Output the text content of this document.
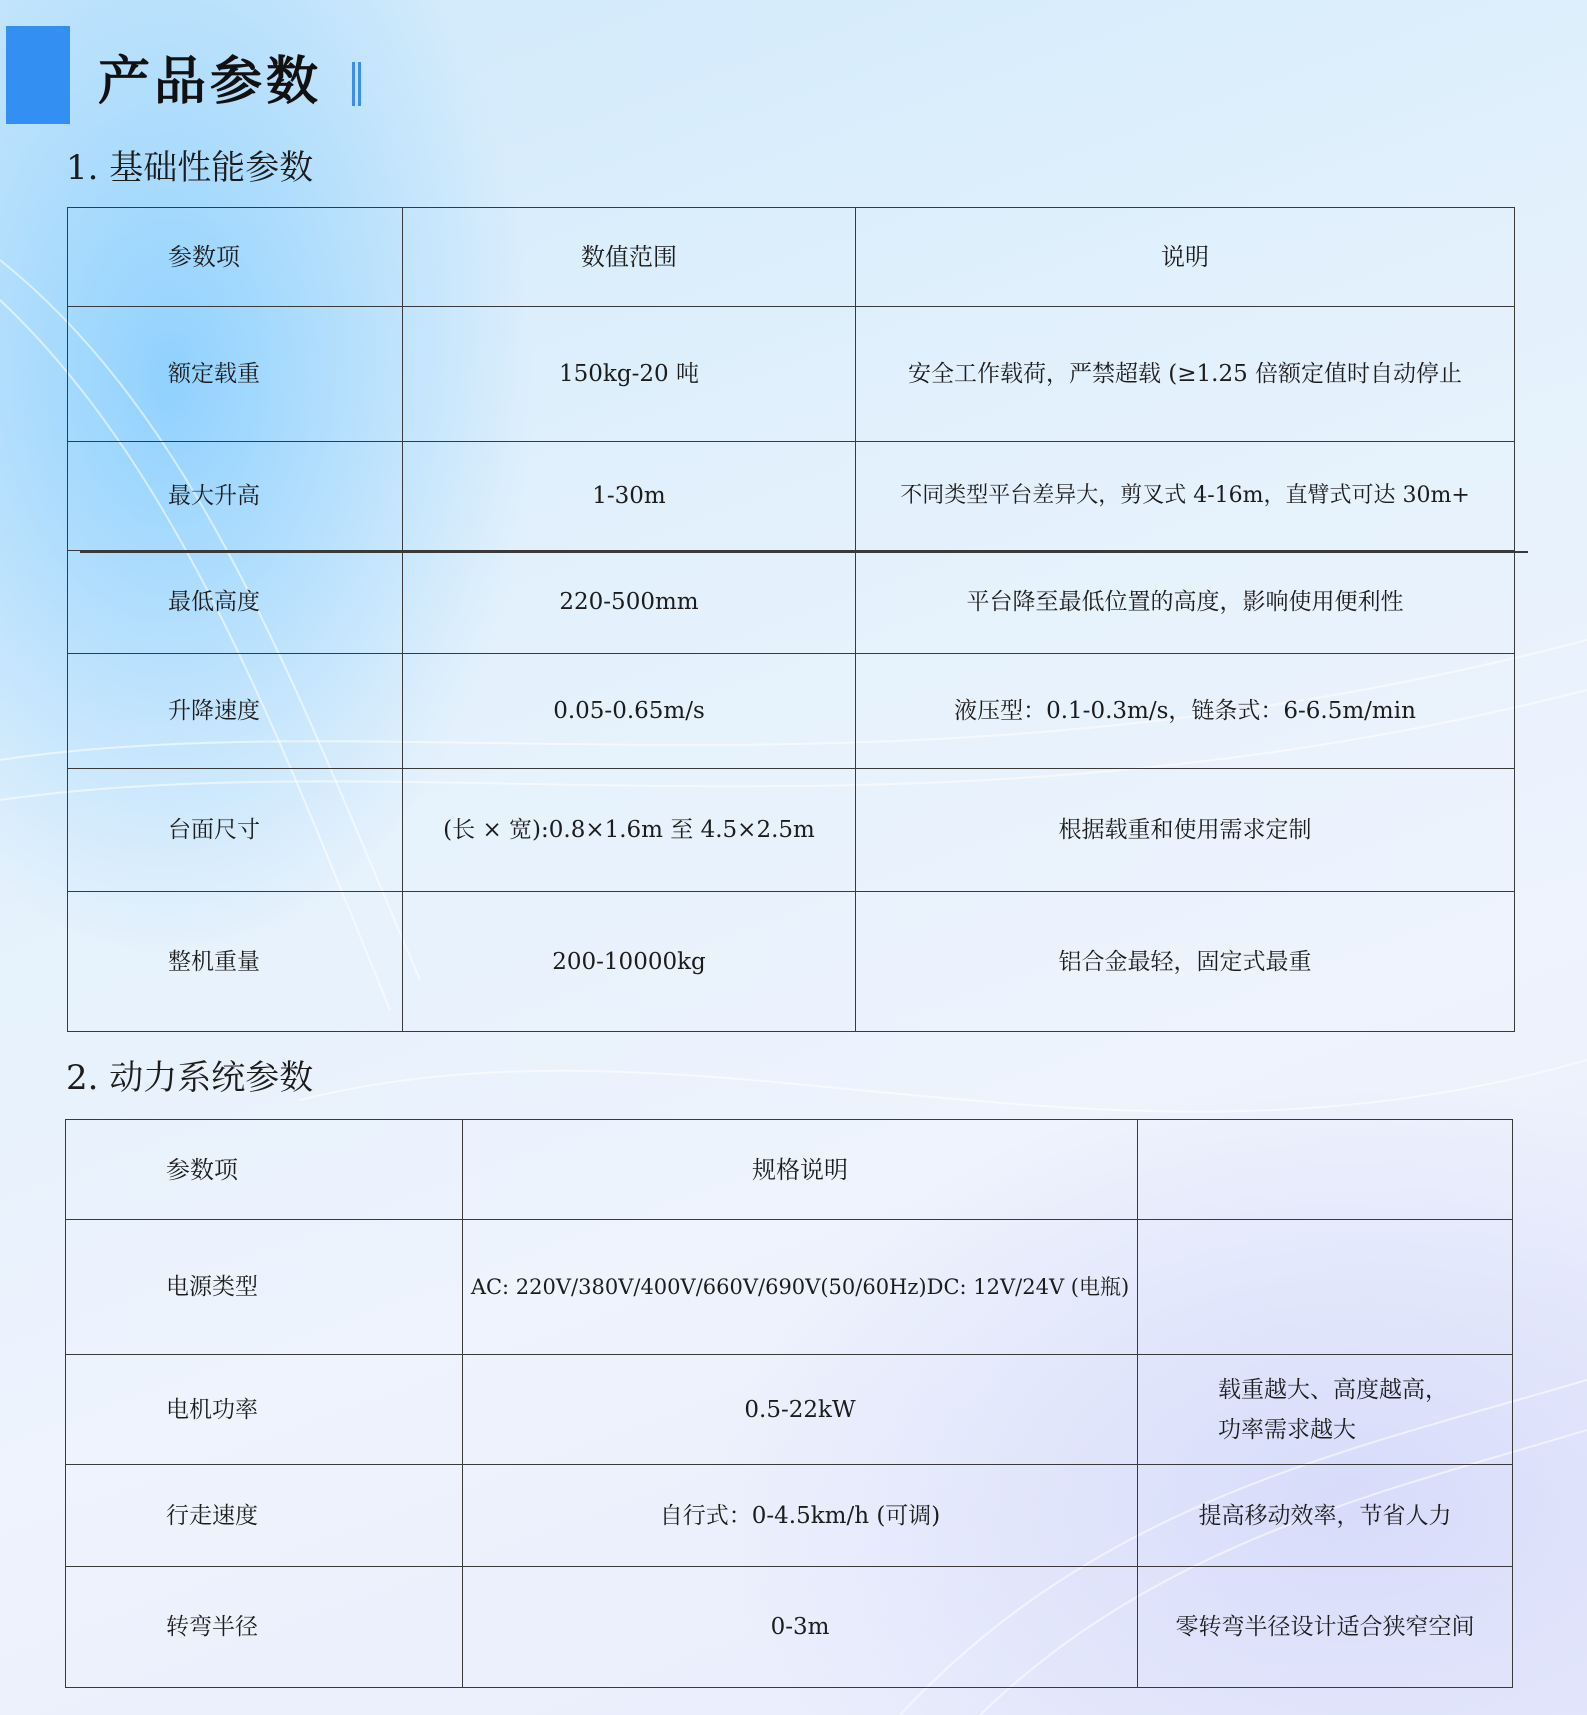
产品参数
1. 基础性能参数
参数项	数值范围	说明
额定载重	150kg-20 吨	安全工作载荷，严禁超载 (≥1.25 倍额定值时自动停止
最大升高	1-30m	不同类型平台差异大，剪叉式 4-16m，直臂式可达 30m+
最低高度	220-500mm	平台降至最低位置的高度，影响使用便利性
升降速度	0.05-0.65m/s	液压型：0.1-0.3m/s，链条式：6-6.5m/min
台面尺寸	(长 × 宽):0.8×1.6m 至 4.5×2.5m	根据载重和使用需求定制
整机重量	200-10000kg	铝合金最轻，固定式最重
2. 动力系统参数
参数项	规格说明	
电源类型	AC: 220V/380V/400V/660V/690V(50/60Hz)DC: 12V/24V (电瓶)	
电机功率	0.5-22kW	载重越大、高度越高，
功率需求越大

行走速度	自行式：0-4.5km/h (可调)	提高移动效率，节省人力
转弯半径	0-3m	零转弯半径设计适合狭窄空间
